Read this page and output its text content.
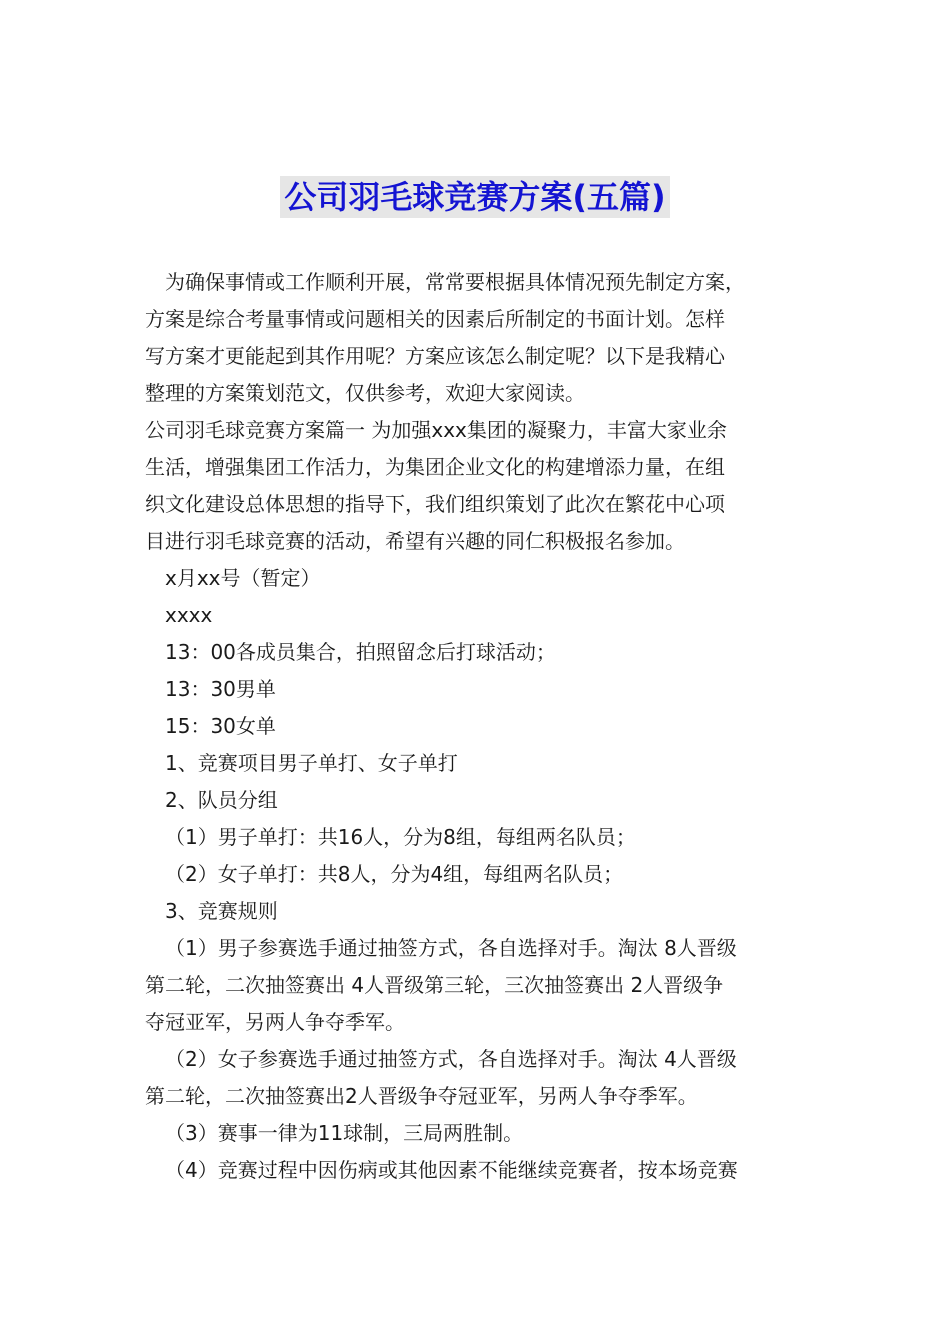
公司羽毛球竞赛方案(五篇)

为确保事情或工作顺利开展，常常要根据具体情况预先制定方案，

方案是综合考量事情或问题相关的因素后所制定的书面计划。怎样

写方案才更能起到其作用呢？方案应该怎么制定呢？以下是我精心

整理的方案策划范文，仅供参考，欢迎大家阅读。

公司羽毛球竞赛方案篇一 为加强xxx集团的凝聚力，丰富大家业余

生活，增强集团工作活力，为集团企业文化的构建增添力量，在组

织文化建设总体思想的指导下，我们组织策划了此次在繁花中心项

目进行羽毛球竞赛的活动，希望有兴趣的同仁积极报名参加。

x月xx号（暂定）

xxxx

13：00各成员集合，拍照留念后打球活动；

13：30男单

15：30女单

1、竞赛项目男子单打、女子单打

2、队员分组

（1）男子单打：共16人，分为8组，每组两名队员；

（2）女子单打：共8人，分为4组，每组两名队员；

3、竞赛规则

（1）男子参赛选手通过抽签方式，各自选择对手。淘汰 8人晋级

第二轮，二次抽签赛出 4人晋级第三轮，三次抽签赛出 2人晋级争

夺冠亚军，另两人争夺季军。

（2）女子参赛选手通过抽签方式，各自选择对手。淘汰 4人晋级

第二轮，二次抽签赛出2人晋级争夺冠亚军，另两人争夺季军。

（3）赛事一律为11球制，三局两胜制。

（4）竞赛过程中因伤病或其他因素不能继续竞赛者，按本场竞赛
